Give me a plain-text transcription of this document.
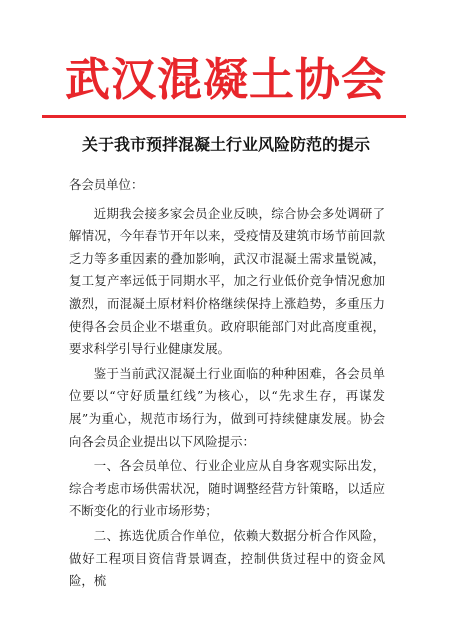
武汉混凝土协会
关于我市预拌混凝土行业风险防范的提示

各会员单位：

近期我会接多家会员企业反映，综合协会多处调研了解情况，今年春节开年以来，受疫情及建筑市场节前回款乏力等多重因素的叠加影响，武汉市混凝土需求量锐减，复工复产率远低于同期水平，加之行业低价竞争情况愈加激烈，而混凝土原材料价格继续保持上涨趋势，多重压力使得各会员企业不堪重负。政府职能部门对此高度重视，要求科学引导行业健康发展。

鉴于当前武汉混凝土行业面临的种种困难，各会员单位要以“守好质量红线”为核心，以“先求生存，再谋发展”为重心，规范市场行为，做到可持续健康发展。协会向各会员企业提出以下风险提示：

一、各会员单位、行业企业应从自身客观实际出发，综合考虑市场供需状况，随时调整经营方针策略，以适应不断变化的行业市场形势；

二、拣选优质合作单位，依赖大数据分析合作风险，做好工程项目资信背景调查，控制供货过程中的资金风险，梳
